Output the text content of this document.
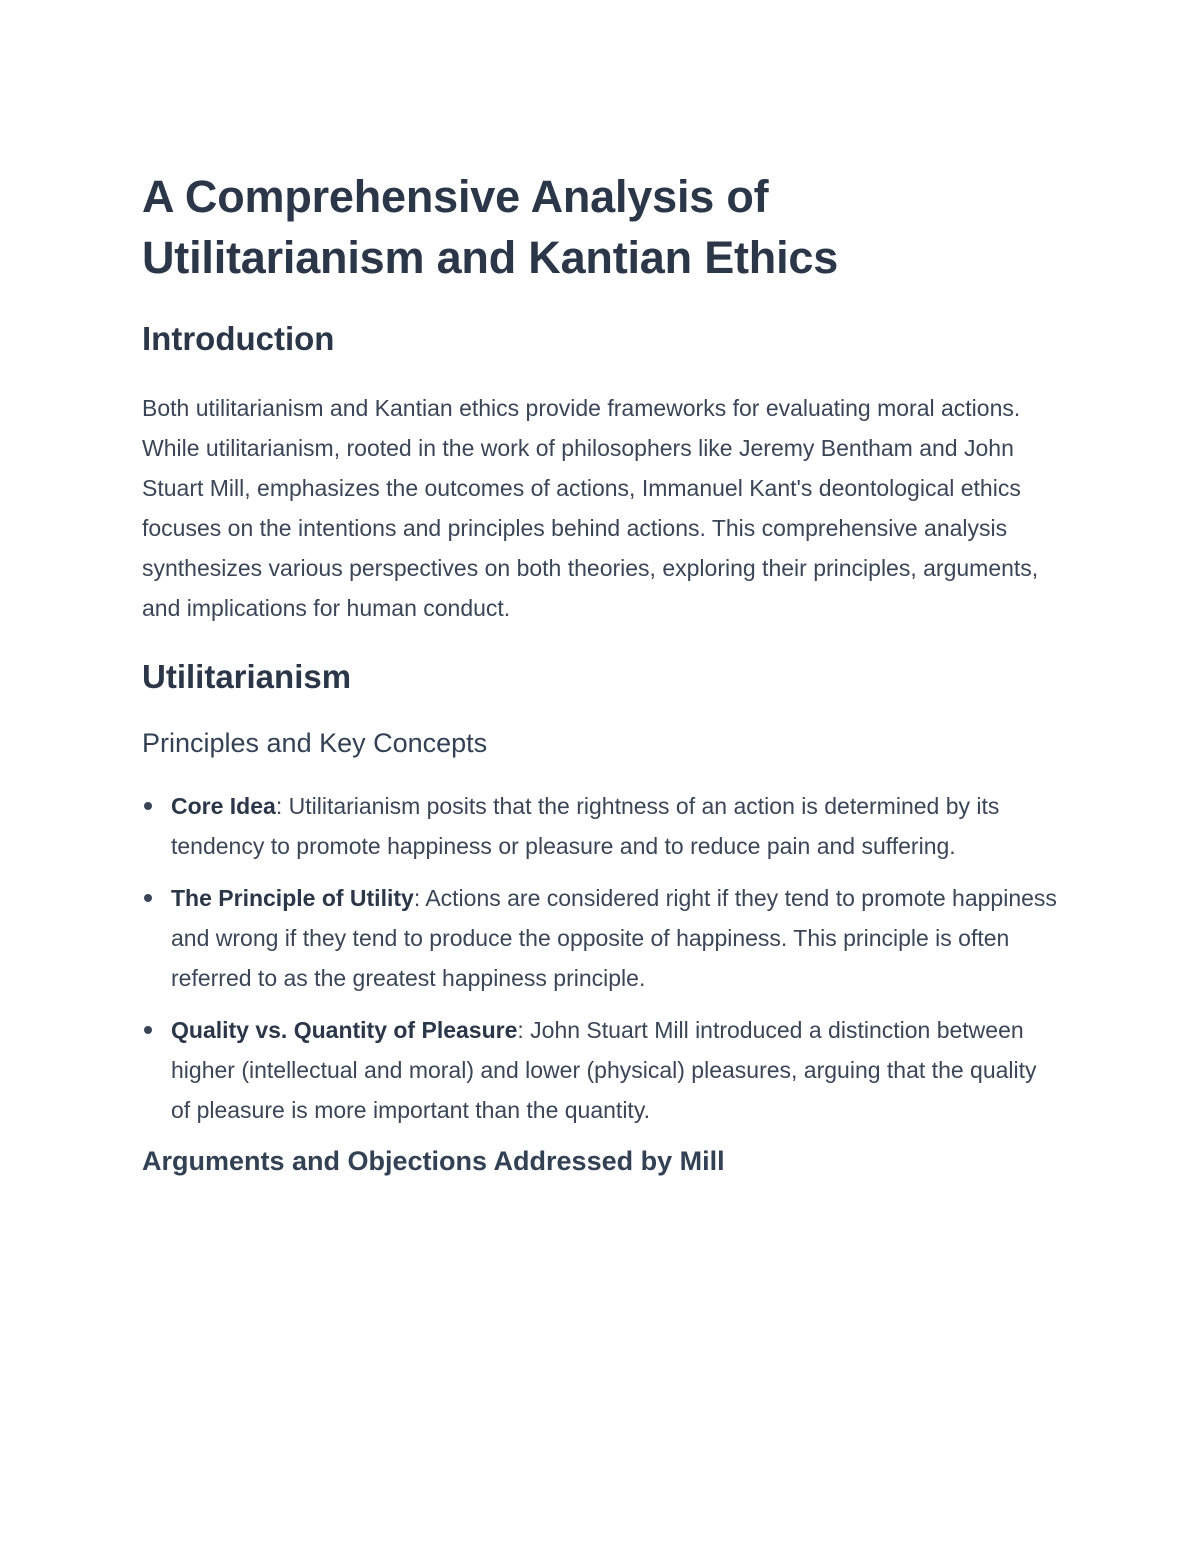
A Comprehensive Analysis of Utilitarianism and Kantian Ethics
Introduction

Both utilitarianism and Kantian ethics provide frameworks for evaluating moral actions. While utilitarianism, rooted in the work of philosophers like Jeremy Bentham and John Stuart Mill, emphasizes the outcomes of actions, Immanuel Kant's deontological ethics focuses on the intentions and principles behind actions. This comprehensive analysis synthesizes various perspectives on both theories, exploring their principles, arguments, and implications for human conduct.

Utilitarianism
Principles and Key Concepts
Core Idea: Utilitarianism posits that the rightness of an action is determined by its tendency to promote happiness or pleasure and to reduce pain and suffering.
The Principle of Utility: Actions are considered right if they tend to promote happiness and wrong if they tend to produce the opposite of happiness. This principle is often referred to as the greatest happiness principle.
Quality vs. Quantity of Pleasure: John Stuart Mill introduced a distinction between higher (intellectual and moral) and lower (physical) pleasures, arguing that the quality of pleasure is more important than the quantity.
Arguments and Objections Addressed by Mill
